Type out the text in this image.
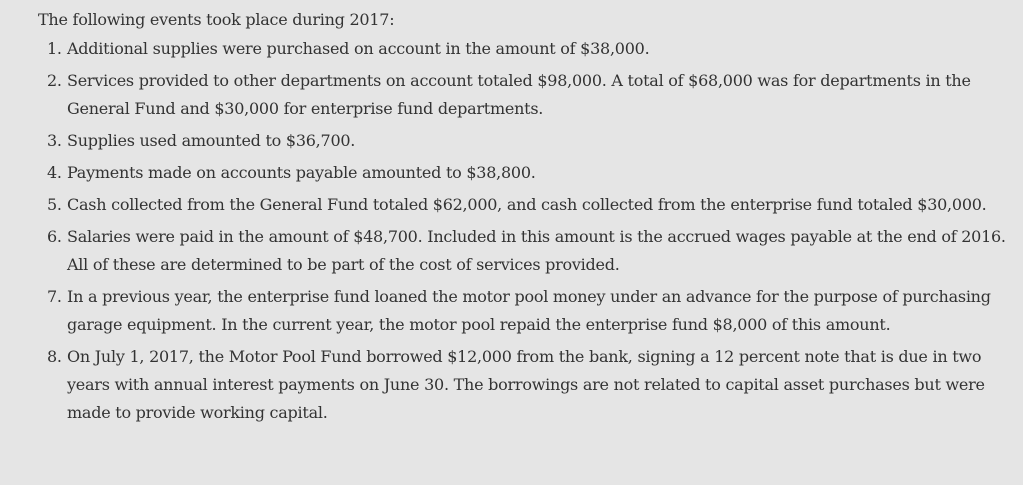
The following events took place during 2017:

1. Additional supplies were purchased on account in the amount of $38,000.
2. Services provided to other departments on account totaled $98,000. A total of $68,000 was for departments in the General Fund and $30,000 for enterprise fund departments.
3. Supplies used amounted to $36,700.
4. Payments made on accounts payable amounted to $38,800.
5. Cash collected from the General Fund totaled $62,000, and cash collected from the enterprise fund totaled $30,000.
6. Salaries were paid in the amount of $48,700. Included in this amount is the accrued wages payable at the end of 2016. All of these are determined to be part of the cost of services provided.
7. In a previous year, the enterprise fund loaned the motor pool money under an advance for the purpose of purchasing garage equipment. In the current year, the motor pool repaid the enterprise fund $8,000 of this amount.
8. On July 1, 2017, the Motor Pool Fund borrowed $12,000 from the bank, signing a 12 percent note that is due in two years with annual interest payments on June 30. The borrowings are not related to capital asset purchases but were made to provide working capital.
